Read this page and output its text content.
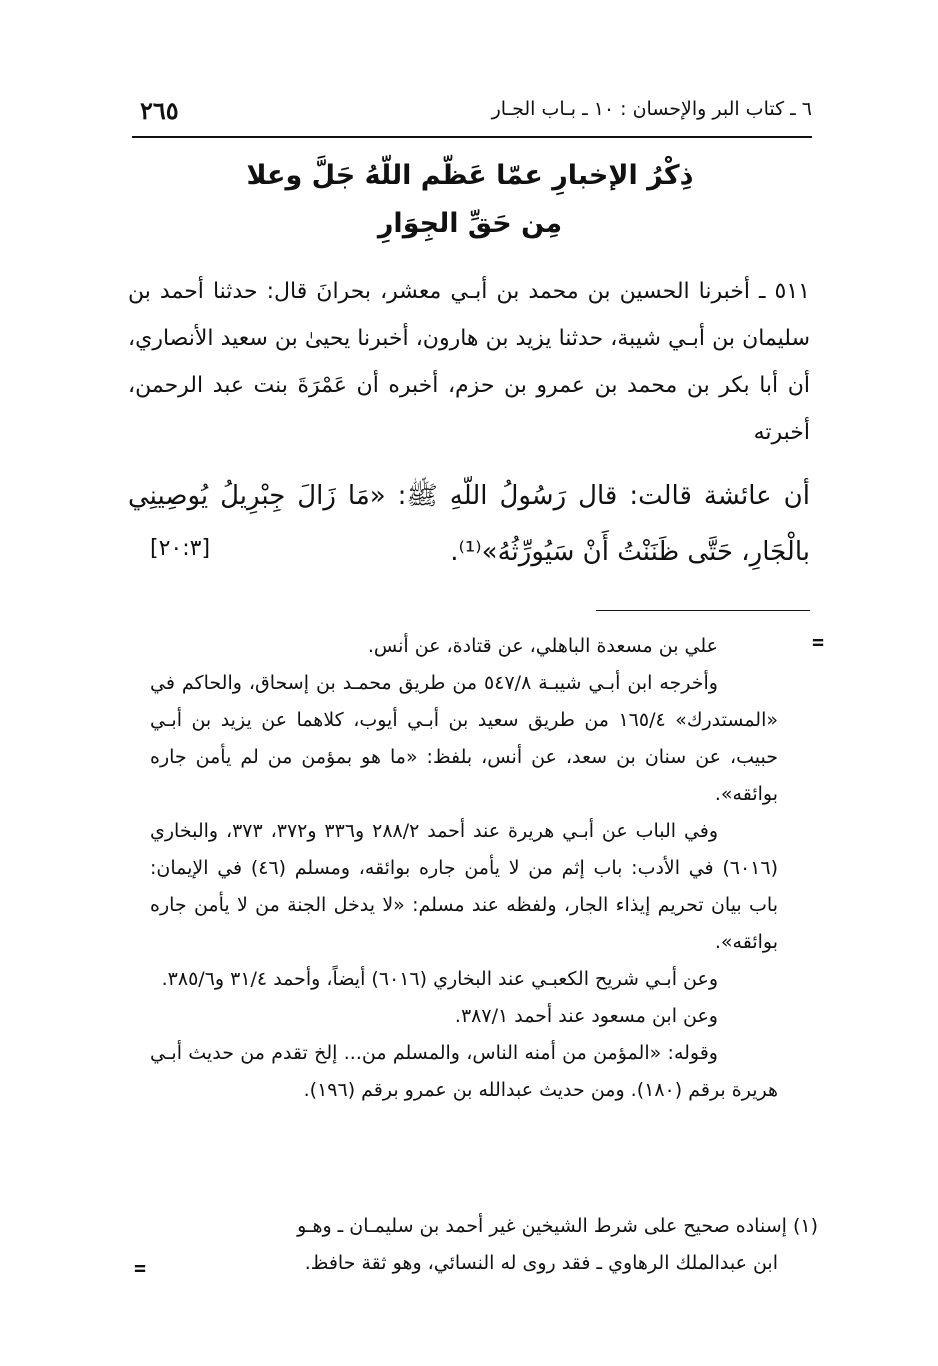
٢٦٥	٦ ـ كتاب البر والإحسان : ١٠ ـ بـاب الجـار
ذِكْرُ الإخبارِ عمّا عَظّم اللّهُ جَلَّ وعلا
مِن حَقِّ الجِوَارِ
٥١١ ـ أخبرنا الحسين بن محمد بن أبـي معشر، بحرانَ قال: حدثنا أحمد بن سليمان بن أبـي شيبة، حدثنا يزيد بن هارون، أخبرنا يحيىٰ بن سعيد الأنصاري، أن أبا بكر بن محمد بن عمرو بن حزم، أخبره أن عَمْرَةَ بنت عبد الرحمن، أخبرته
أن عائشة قالت: قال رَسُولُ اللّهِ ﷺ: «مَا زَالَ جِبْرِيلُ يُوصِينِي بالْجَارِ، حَتَّى ظَنَنْتُ أَنْ سَيُورِّثُهُ»⁽¹⁾.
[٢٠:٣]
=

علي بن مسعدة الباهلي، عن قتادة، عن أنس.

وأخرجه ابن أبـي شيبـة ٥٤٧/٨ من طريق محمـد بن إسحاق، والحاكم في «المستدرك» ١٦٥/٤ من طريق سعيد بن أبـي أيوب، كلاهما عن يزيد بن أبـي حبيب، عن سنان بن سعد، عن أنس، بلفظ: «ما هو بمؤمن من لم يأمن جاره بوائقه».

وفي الباب عن أبـي هريرة عند أحمد ٢٨٨/٢ و٣٣٦ و٣٧٢، ٣٧٣، والبخاري (٦٠١٦) في الأدب: باب إثم من لا يأمن جاره بوائقه، ومسلم (٤٦) في الإيمان: باب بيان تحريم إيذاء الجار، ولفظه عند مسلم: «لا يدخل الجنة من لا يأمن جاره بوائقه».

وعن أبـي شريح الكعبـي عند البخاري (٦٠١٦) أيضاً، وأحمد ٣١/٤ و٣٨٥/٦.

وعن ابن مسعود عند أحمد ٣٨٧/١.

وقوله: «المؤمن من أمنه الناس، والمسلم من... إلخ تقدم من حديث أبـي هريرة برقم (١٨٠). ومن حديث عبدالله بن عمرو برقم (١٩٦).

(١) إسناده صحيح على شرط الشيخين غير أحمد بن سليمـان ـ وهـو

ابن عبدالملك الرهاوي ـ فقد روى له النسائي، وهو ثقة حافظ.

=
